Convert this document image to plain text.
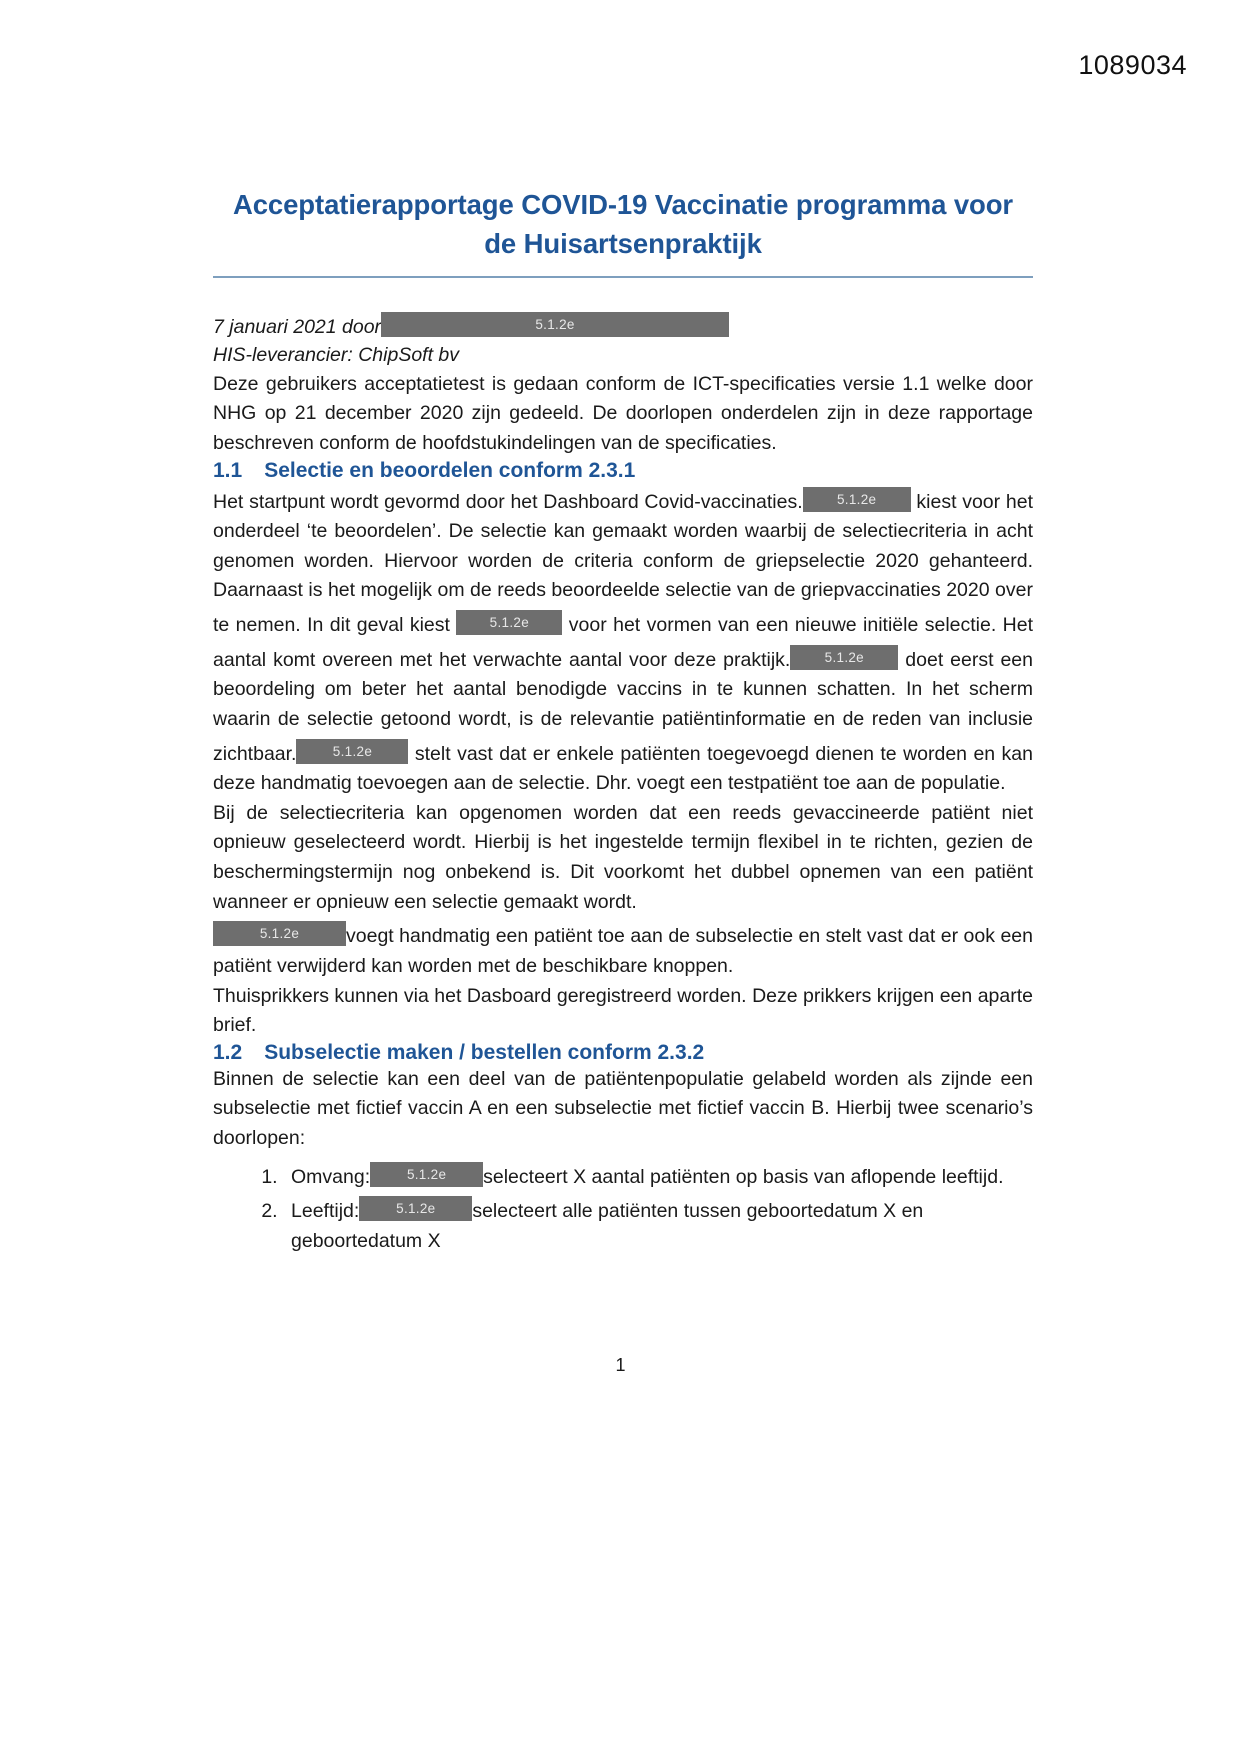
1089034
Acceptatierapportage COVID-19 Vaccinatie programma voor de Huisartsenpraktijk
7 januari 2021 door	5.1.2e
HIS-leverancier: ChipSoft bv

Deze gebruikers acceptatietest is gedaan conform de ICT-specificaties versie 1.1 welke door NHG op 21 december 2020 zijn gedeeld. De doorlopen onderdelen zijn in deze rapportage beschreven conform de hoofdstukindelingen van de specificaties.

1.1 Selectie en beoordelen conform 2.3.1

Het startpunt wordt gevormd door het Dashboard Covid-vaccinaties.	5.1.2e kiest voor het onderdeel ‘te beoordelen’. De selectie kan gemaakt worden waarbij de selectiecriteria in acht genomen worden. Hiervoor worden de criteria conform de griepselectie 2020 gehanteerd. Daarnaast is het mogelijk om de reeds beoordeelde selectie van de griepvaccinaties 2020 over te nemen. In dit geval kiest	5.1.2e voor het vormen van een nieuwe initiële selectie. Het aantal komt overeen met het verwachte aantal voor deze praktijk.	5.1.2e doet eerst een beoordeling om beter het aantal benodigde vaccins in te kunnen schatten. In het scherm waarin de selectie getoond wordt, is de relevantie patiëntinformatie en de reden van inclusie zichtbaar.	5.1.2e stelt vast dat er enkele patiënten toegevoegd dienen te worden en kan deze handmatig toevoegen aan de selectie. Dhr. voegt een testpatiënt toe aan de populatie.

Bij de selectiecriteria kan opgenomen worden dat een reeds gevaccineerde patiënt niet opnieuw geselecteerd wordt. Hierbij is het ingestelde termijn flexibel in te richten, gezien de beschermingstermijn nog onbekend is. Dit voorkomt het dubbel opnemen van een patiënt wanneer er opnieuw een selectie gemaakt wordt.

5.1.2e voegt handmatig een patiënt toe aan de subselectie en stelt vast dat er ook een patiënt verwijderd kan worden met de beschikbare knoppen.

Thuisprikkers kunnen via het Dasboard geregistreerd worden. Deze prikkers krijgen een aparte brief.

1.2 Subselectie maken / bestellen conform 2.3.2

Binnen de selectie kan een deel van de patiëntenpopulatie gelabeld worden als zijnde een subselectie met fictief vaccin A en een subselectie met fictief vaccin B. Hierbij twee scenario’s doorlopen:

1. Omvang:	5.1.2e selecteert X aantal patiënten op basis van aflopende leeftijd.
2. Leeftijd:	5.1.2e selecteert alle patiënten tussen geboortedatum X en geboortedatum X
1
